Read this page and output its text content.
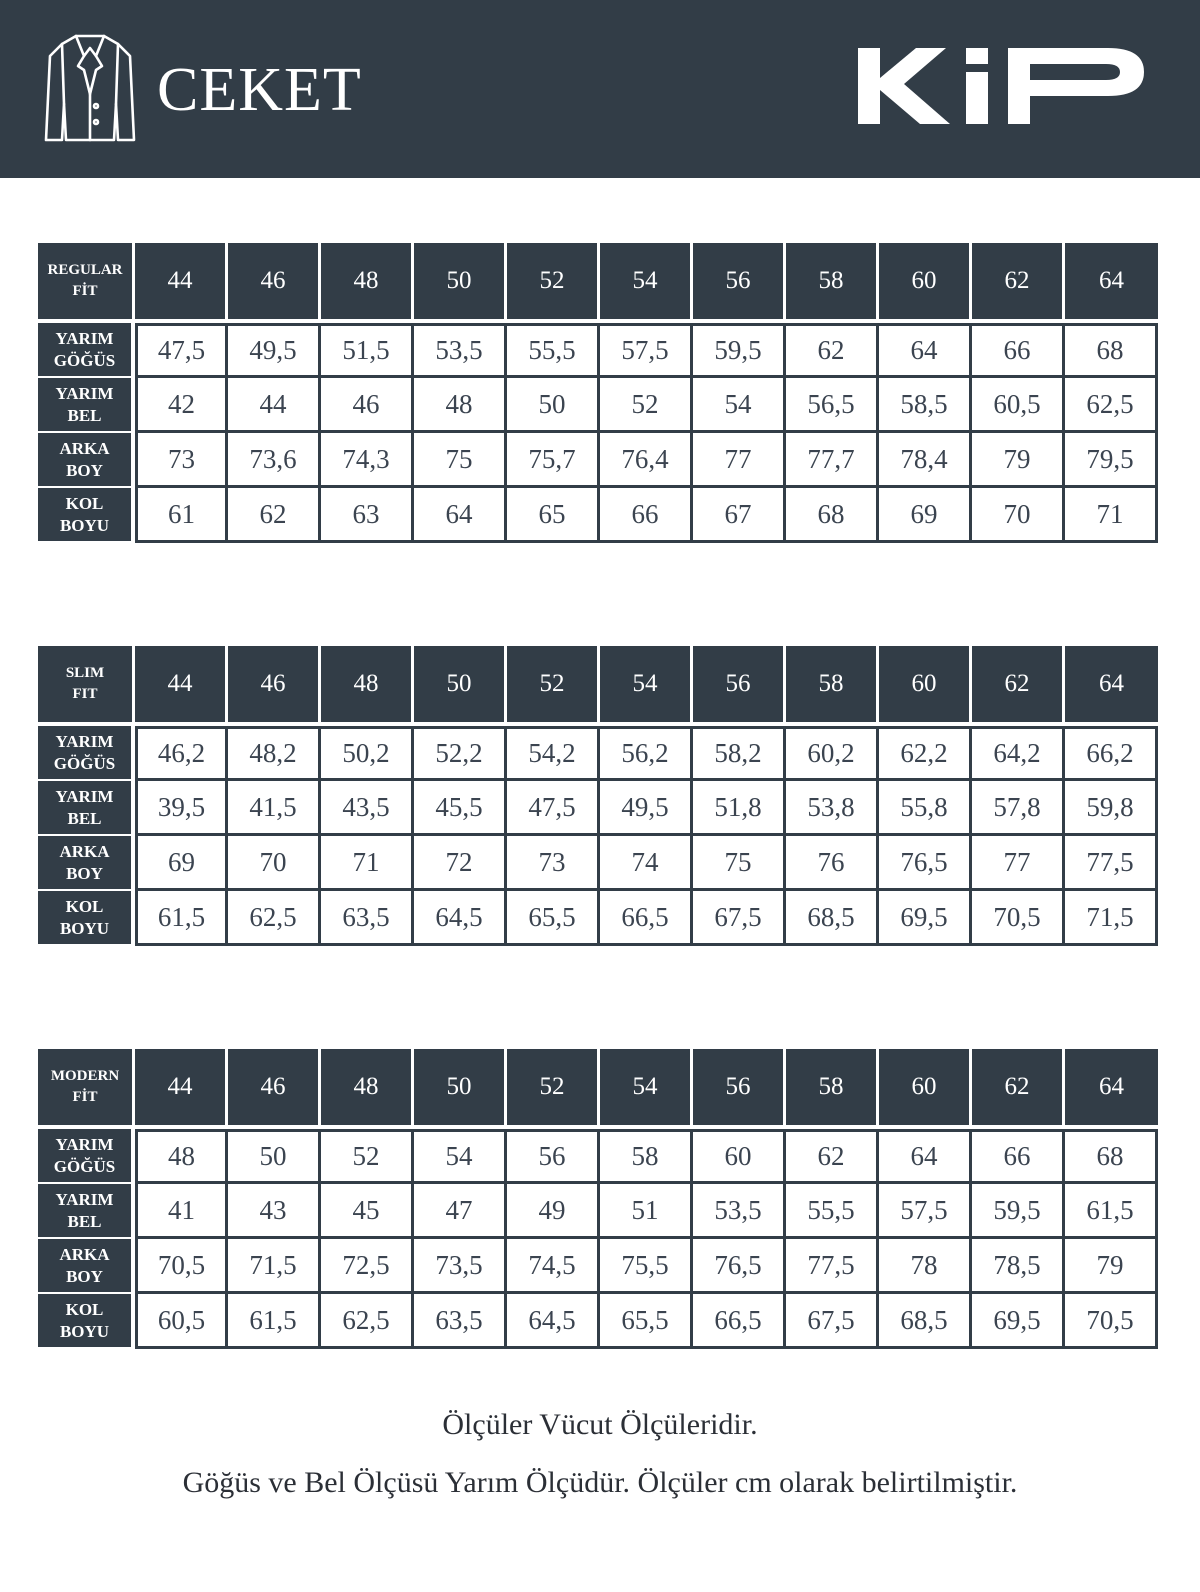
CEKET
REGULAR
FİT	44	46	48	50	52	54	56	58	60	62	64

YARIM
GÖĞÜS	47,5	49,5	51,5	53,5	55,5	57,5	59,5	62	64	66	68
YARIM
BEL	42	44	46	48	50	52	54	56,5	58,5	60,5	62,5
ARKA
BOY	73	73,6	74,3	75	75,7	76,4	77	77,7	78,4	79	79,5
KOL
BOYU	61	62	63	64	65	66	67	68	69	70	71
SLIM
FIT	44	46	48	50	52	54	56	58	60	62	64

YARIM
GÖĞÜS	46,2	48,2	50,2	52,2	54,2	56,2	58,2	60,2	62,2	64,2	66,2
YARIM
BEL	39,5	41,5	43,5	45,5	47,5	49,5	51,8	53,8	55,8	57,8	59,8
ARKA
BOY	69	70	71	72	73	74	75	76	76,5	77	77,5
KOL
BOYU	61,5	62,5	63,5	64,5	65,5	66,5	67,5	68,5	69,5	70,5	71,5
MODERN
FİT	44	46	48	50	52	54	56	58	60	62	64

YARIM
GÖĞÜS	48	50	52	54	56	58	60	62	64	66	68
YARIM
BEL	41	43	45	47	49	51	53,5	55,5	57,5	59,5	61,5
ARKA
BOY	70,5	71,5	72,5	73,5	74,5	75,5	76,5	77,5	78	78,5	79
KOL
BOYU	60,5	61,5	62,5	63,5	64,5	65,5	66,5	67,5	68,5	69,5	70,5
Ölçüler Vücut Ölçüleridir.
Göğüs ve Bel Ölçüsü Yarım Ölçüdür. Ölçüler cm olarak belirtilmiştir.
